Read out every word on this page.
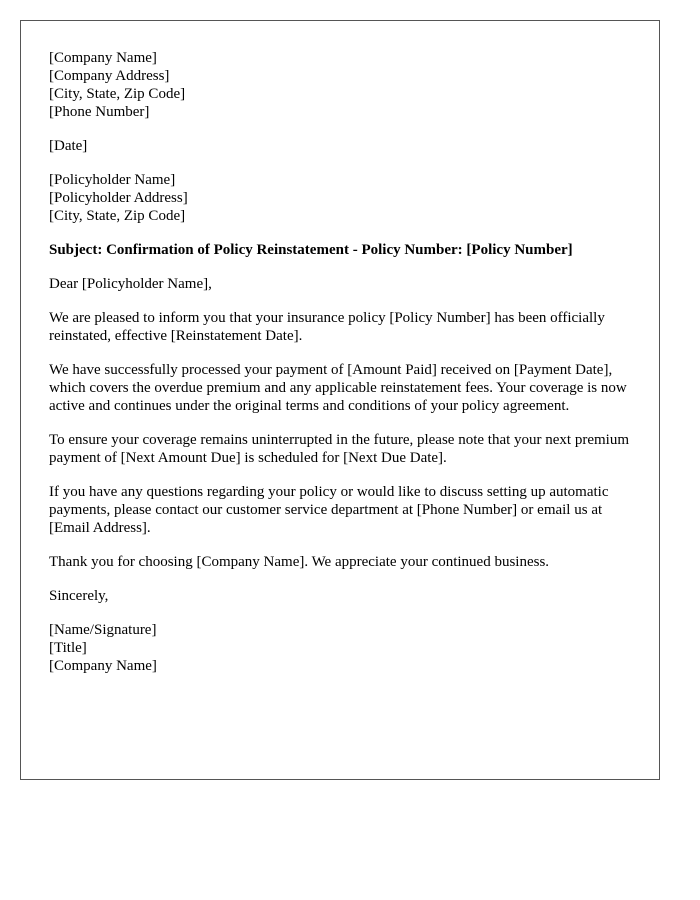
[Company Name]
[Company Address]
[City, State, Zip Code]
[Phone Number]
[Date]
[Policyholder Name]
[Policyholder Address]
[City, State, Zip Code]

Subject: Confirmation of Policy Reinstatement - Policy Number: [Policy Number]

Dear [Policyholder Name],

We are pleased to inform you that your insurance policy [Policy Number] has been officially reinstated, effective [Reinstatement Date].

We have successfully processed your payment of [Amount Paid] received on [Payment Date], which covers the overdue premium and any applicable reinstatement fees. Your coverage is now active and continues under the original terms and conditions of your policy agreement.

To ensure your coverage remains uninterrupted in the future, please note that your next premium payment of [Next Amount Due] is scheduled for [Next Due Date].

If you have any questions regarding your policy or would like to discuss setting up automatic payments, please contact our customer service department at [Phone Number] or email us at [Email Address].

Thank you for choosing [Company Name]. We appreciate your continued business.

Sincerely,

[Name/Signature]
[Title]
[Company Name]
